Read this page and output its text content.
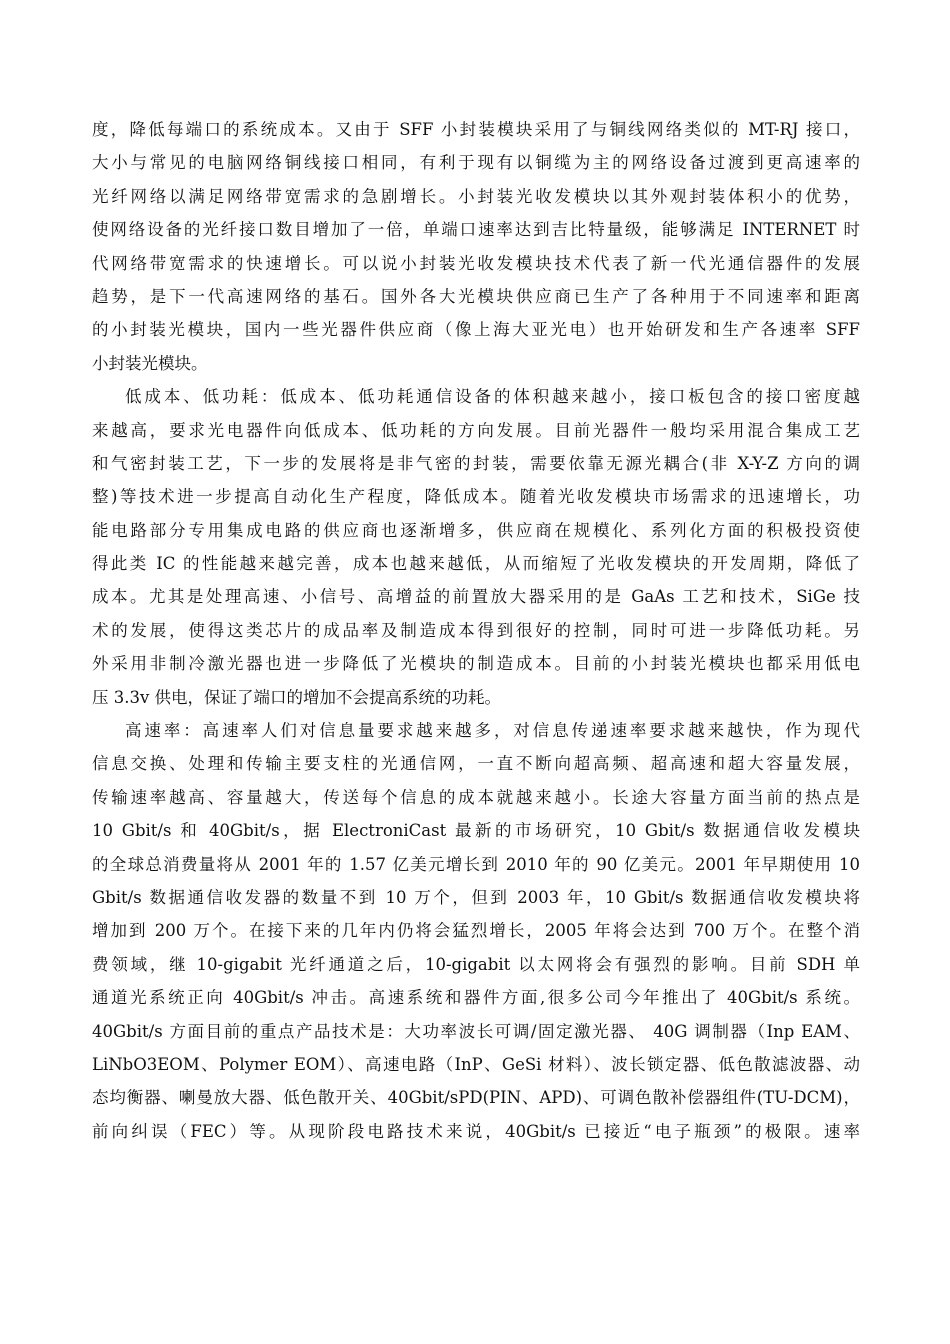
度，降低每端口的系统成本。又由于 SFF 小封装模块采用了与铜线网络类似的 MT-RJ 接口，
大小与常见的电脑网络铜线接口相同，有利于现有以铜缆为主的网络设备过渡到更高速率的
光纤网络以满足网络带宽需求的急剧增长。小封装光收发模块以其外观封装体积小的优势，
使网络设备的光纤接口数目增加了一倍，单端口速率达到吉比特量级，能够满足 INTERNET 时
代网络带宽需求的快速增长。可以说小封装光收发模块技术代表了新一代光通信器件的发展
趋势，是下一代高速网络的基石。国外各大光模块供应商已生产了各种用于不同速率和距离
的小封装光模块，国内一些光器件供应商（像上海大亚光电）也开始研发和生产各速率 SFF
小封装光模块。
低成本、低功耗：低成本、低功耗通信设备的体积越来越小，接口板包含的接口密度越
来越高，要求光电器件向低成本、低功耗的方向发展。目前光器件一般均采用混合集成工艺
和气密封装工艺，下一步的发展将是非气密的封装，需要依靠无源光耦合(非 X-Y-Z 方向的调
整)等技术进一步提高自动化生产程度，降低成本。随着光收发模块市场需求的迅速增长，功
能电路部分专用集成电路的供应商也逐渐增多，供应商在规模化、系列化方面的积极投资使
得此类 IC 的性能越来越完善，成本也越来越低，从而缩短了光收发模块的开发周期，降低了
成本。尤其是处理高速、小信号、高增益的前置放大器采用的是 GaAs 工艺和技术，SiGe 技
术的发展，使得这类芯片的成品率及制造成本得到很好的控制，同时可进一步降低功耗。另
外采用非制冷激光器也进一步降低了光模块的制造成本。目前的小封装光模块也都采用低电
压 3.3v 供电，保证了端口的增加不会提高系统的功耗。
高速率：高速率人们对信息量要求越来越多，对信息传递速率要求越来越快，作为现代
信息交换、处理和传输主要支柱的光通信网，一直不断向超高频、超高速和超大容量发展，
传输速率越高、容量越大，传送每个信息的成本就越来越小。长途大容量方面当前的热点是
10 Gbit/s 和 40Gbit/s，据 ElectroniCast 最新的市场研究，10 Gbit/s 数据通信收发模块
的全球总消费量将从 2001 年的 1.57 亿美元增长到 2010 年的 90 亿美元。2001 年早期使用 10
Gbit/s 数据通信收发器的数量不到 10 万个，但到 2003 年，10 Gbit/s 数据通信收发模块将
增加到 200 万个。在接下来的几年内仍将会猛烈增长，2005 年将会达到 700 万个。在整个消
费领域，继 10-gigabit 光纤通道之后，10-gigabit 以太网将会有强烈的影响。目前 SDH 单
通道光系统正向 40Gbit/s 冲击。高速系统和器件方面,很多公司今年推出了 40Gbit/s 系统。
40Gbit/s 方面目前的重点产品技术是：大功率波长可调/固定激光器、 40G 调制器（Inp EAM、
LiNbO3EOM、Polymer EOM）、高速电路（InP、GeSi 材料）、波长锁定器、低色散滤波器、动
态均衡器、喇曼放大器、低色散开关、40Gbit/sPD(PIN、APD)、可调色散补偿器组件(TU-DCM)，
前向纠误（FEC）等。从现阶段电路技术来说，40Gbit/s 已接近“电子瓶颈”的极限。速率
